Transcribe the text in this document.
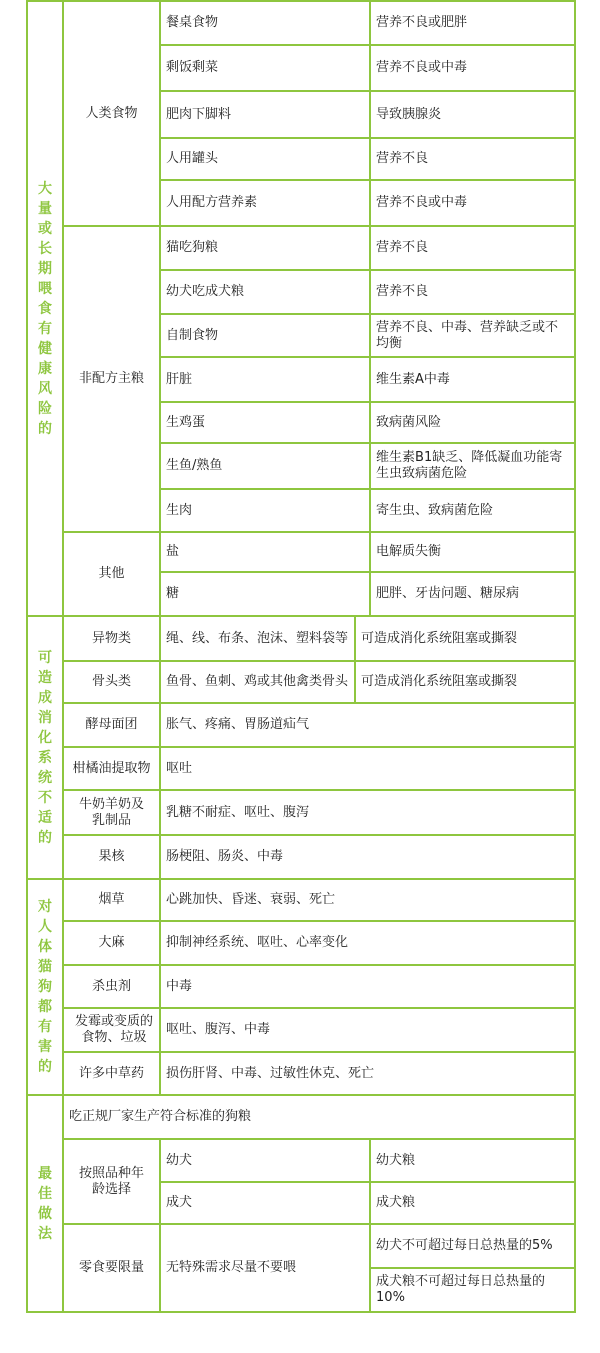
大量或长期喂食有健康风险的	人类食物	餐桌食物		营养不良或肥胖
		剩饭剩菜		营养不良或中毒
		肥肉下脚料		导致胰腺炎
		人用罐头		营养不良
		人用配方营养素		营养不良或中毒
	非配方主粮	猫吃狗粮		营养不良
		幼犬吃成犬粮		营养不良
		自制食物		营养不良、中毒、营养缺乏或不均衡
		肝脏		维生素A中毒
		生鸡蛋		致病菌风险
		生鱼/熟鱼		维生素B1缺乏、降低凝血功能寄生虫致病菌危险
		生肉		寄生虫、致病菌危险
	其他	盐		电解质失衡
		糖		肥胖、牙齿问题、糖尿病

可造成消化系统不适的	异物类	绳、线、布条、泡沫、塑料袋等	可造成消化系统阻塞或撕裂	
	骨头类	鱼骨、鱼刺、鸡或其他禽类骨头	可造成消化系统阻塞或撕裂	
	酵母面团	胀气、疼痛、胃肠道疝气		
	柑橘油提取物	呕吐		
	牛奶羊奶及乳制品	乳糖不耐症、呕吐、腹泻		
	果核	肠梗阻、肠炎、中毒		

对人体猫狗都有害的	烟草	心跳加快、昏迷、衰弱、死亡		
	大麻	抑制神经系统、呕吐、心率变化		
	杀虫剂	中毒		
	发霉或变质的食物、垃圾	呕吐、腹泻、中毒		
	许多中草药	损伤肝肾、中毒、过敏性休克、死亡		

最佳做法	吃正规厂家生产符合标准的狗粮			
	按照品种年龄选择	幼犬		幼犬粮
		成犬		成犬粮
	零食要限量	无特殊需求尽量不要喂		幼犬不可超过每日总热量的5%
				成犬粮不可超过每日总热量的10%
